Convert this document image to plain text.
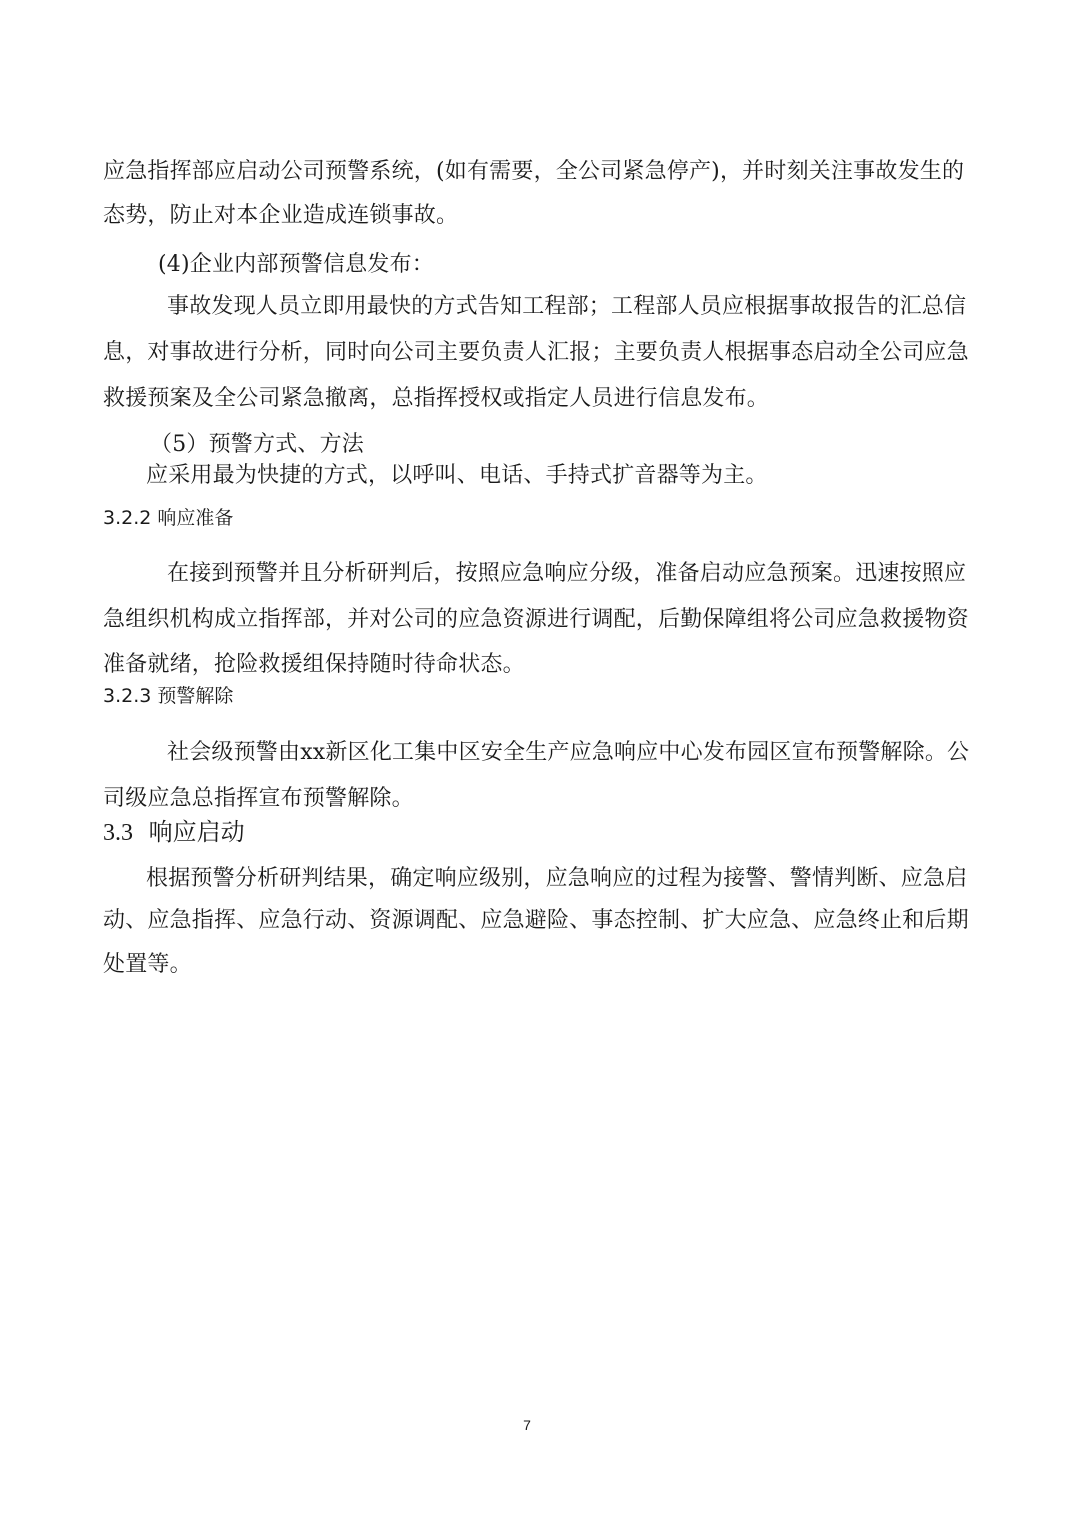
应急指挥部应启动公司预警系统，(如有需要，全公司紧急停产)，并时刻关注事故发生的
态势，防止对本企业造成连锁事故。
(4)企业内部预警信息发布：
事故发现人员立即用最快的方式告知工程部；工程部人员应根据事故报告的汇总信
息，对事故进行分析，同时向公司主要负责人汇报；主要负责人根据事态启动全公司应急
救援预案及全公司紧急撤离，总指挥授权或指定人员进行信息发布。
（5）预警方式、方法
应采用最为快捷的方式，以呼叫、电话、手持式扩音器等为主。
3.2.2 响应准备
在接到预警并且分析研判后，按照应急响应分级，准备启动应急预案。迅速按照应
急组织机构成立指挥部，并对公司的应急资源进行调配，后勤保障组将公司应急救援物资
准备就绪，抢险救援组保持随时待命状态。
3.2.3 预警解除
社会级预警由xx新区化工集中区安全生产应急响应中心发布园区宣布预警解除。公
司级应急总指挥宣布预警解除。
3.3 响应启动
根据预警分析研判结果，确定响应级别，应急响应的过程为接警、警情判断、应急启
动、应急指挥、应急行动、资源调配、应急避险、事态控制、扩大应急、应急终止和后期
处置等。
7
